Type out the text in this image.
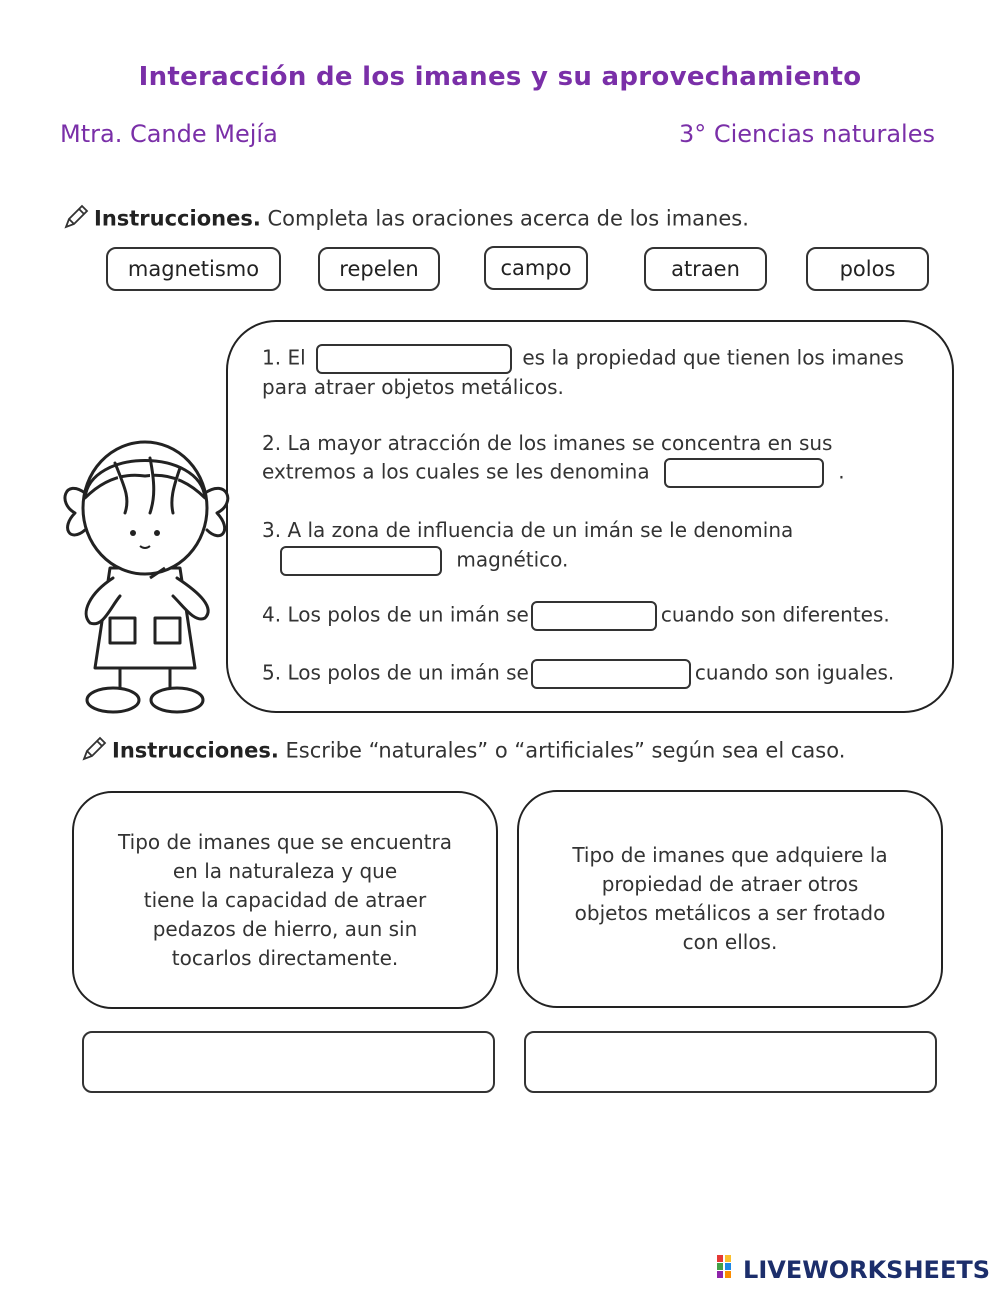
Interacción de los imanes y su aprovechamiento
Mtra. Cande Mejía	3° Ciencias naturales
Instrucciones. Completa las oraciones acerca de los imanes.
magnetismo	repelen	campo	atraen	polos
1. El	es la propiedad que tienen los imanes
para atraer objetos metálicos.
2. La mayor atracción de los imanes se concentra en sus
extremos a los cuales se les denomina	.
3. A la zona de influencia de un imán se le denomina
magnético.
4. Los polos de un imán se	cuando son diferentes.
5. Los polos de un imán se	cuando son iguales.
Instrucciones. Escribe “naturales” o “artificiales” según sea el caso.
Tipo de imanes que se encuentra
en la naturaleza y que
tiene la capacidad de atraer
pedazos de hierro, aun sin
tocarlos directamente.
Tipo de imanes que adquiere la
propiedad de atraer otros
objetos metálicos a ser frotado
con ellos.
LIVEWORKSHEETS
